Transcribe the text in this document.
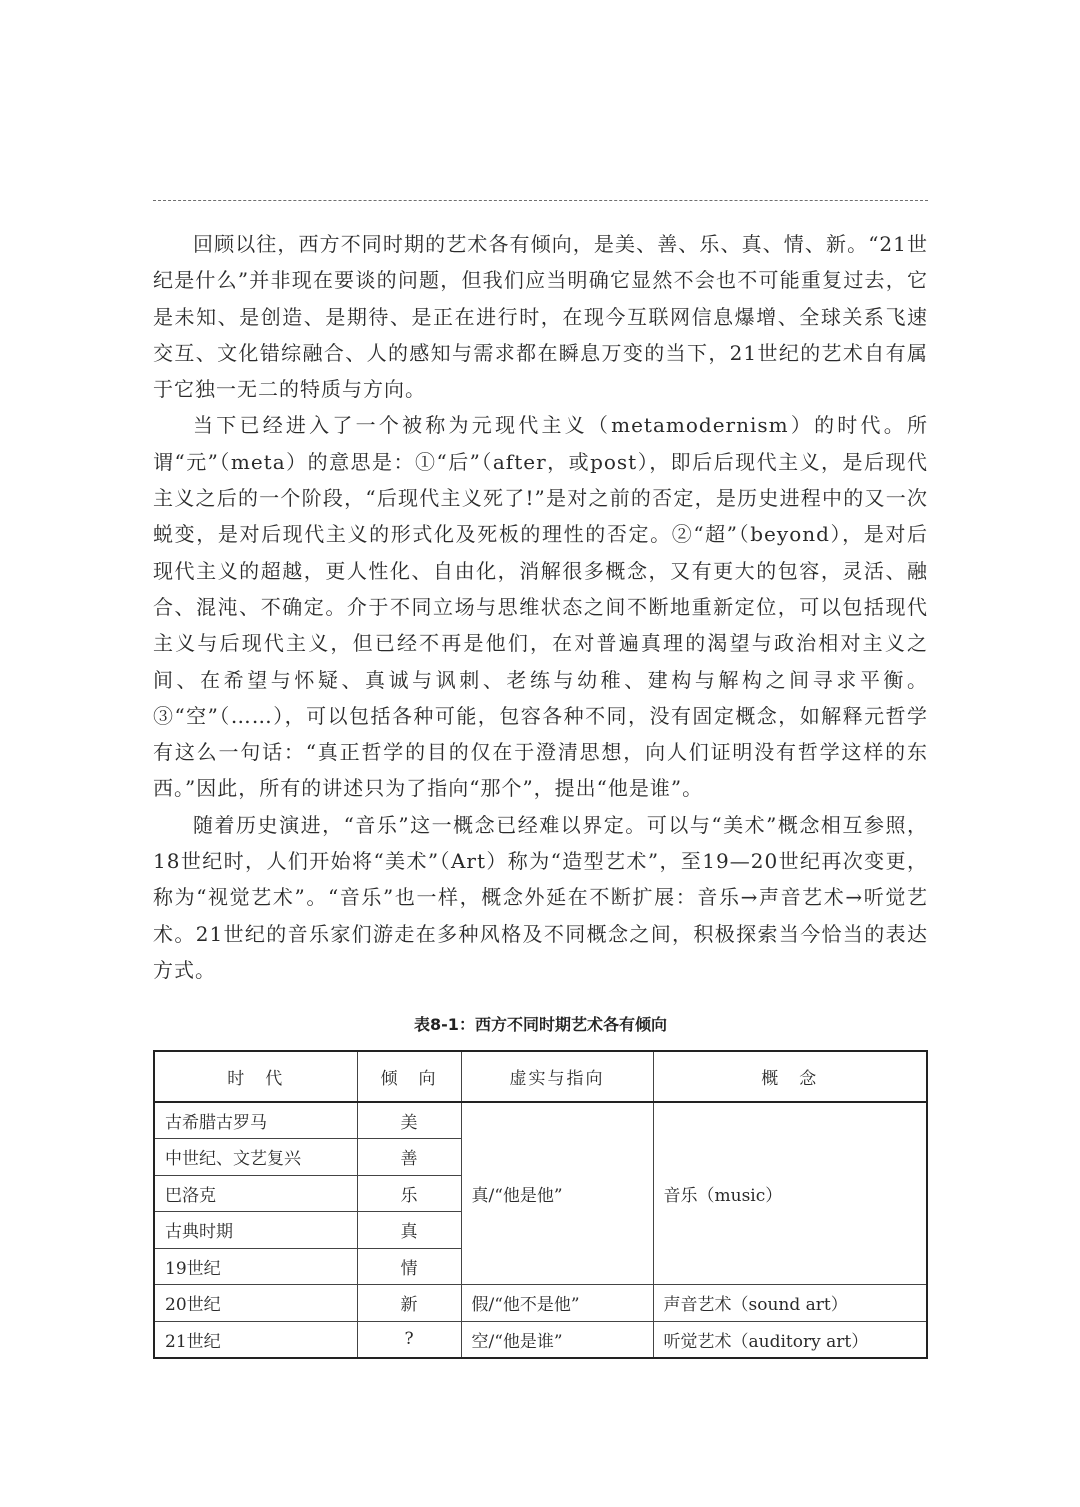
回顾以往，西方不同时期的艺术各有倾向，是美、善、乐、真、情、新。“21世纪是什么”并非现在要谈的问题，但我们应当明确它显然不会也不可能重复过去，它是未知、是创造、是期待、是正在进行时，在现今互联网信息爆增、全球关系飞速交互、文化错综融合、人的感知与需求都在瞬息万变的当下，21世纪的艺术自有属于它独一无二的特质与方向。

当下已经进入了一个被称为元现代主义（metamodernism）的时代。所谓“元”（meta）的意思是：①“后”（after，或post），即后后现代主义，是后现代主义之后的一个阶段，“后现代主义死了!”是对之前的否定，是历史进程中的又一次蜕变，是对后现代主义的形式化及死板的理性的否定。②“超”（beyond），是对后现代主义的超越，更人性化、自由化，消解很多概念，又有更大的包容，灵活、融合、混沌、不确定。介于不同立场与思维状态之间不断地重新定位，可以包括现代主义与后现代主义，但已经不再是他们，在对普遍真理的渴望与政治相对主义之间、在希望与怀疑、真诚与讽刺、老练与幼稚、建构与解构之间寻求平衡。③“空”（……），可以包括各种可能，包容各种不同，没有固定概念，如解释元哲学有这么一句话：“真正哲学的目的仅在于澄清思想，向人们证明没有哲学这样的东西。”因此，所有的讲述只为了指向“那个”，提出“他是谁”。

随着历史演进，“音乐”这一概念已经难以界定。可以与“美术”概念相互参照，18世纪时，人们开始将“美术”（Art）称为“造型艺术”，至19—20世纪再次变更，称为“视觉艺术”。“音乐”也一样，概念外延在不断扩展：音乐→声音艺术→听觉艺术。21世纪的音乐家们游走在多种风格及不同概念之间，积极探索当今恰当的表达方式。

表8-1：西方不同时期艺术各有倾向
时　代	倾　向	虚实与指向	概　念
古希腊古罗马	美	真/“他是他”	音乐（music）
中世纪、文艺复兴	善		
巴洛克	乐		
古典时期	真		
19世纪	情		
20世纪	新	假/“他不是他”	声音艺术（sound art）
21世纪	?	空/“他是谁”	听觉艺术（auditory art）
